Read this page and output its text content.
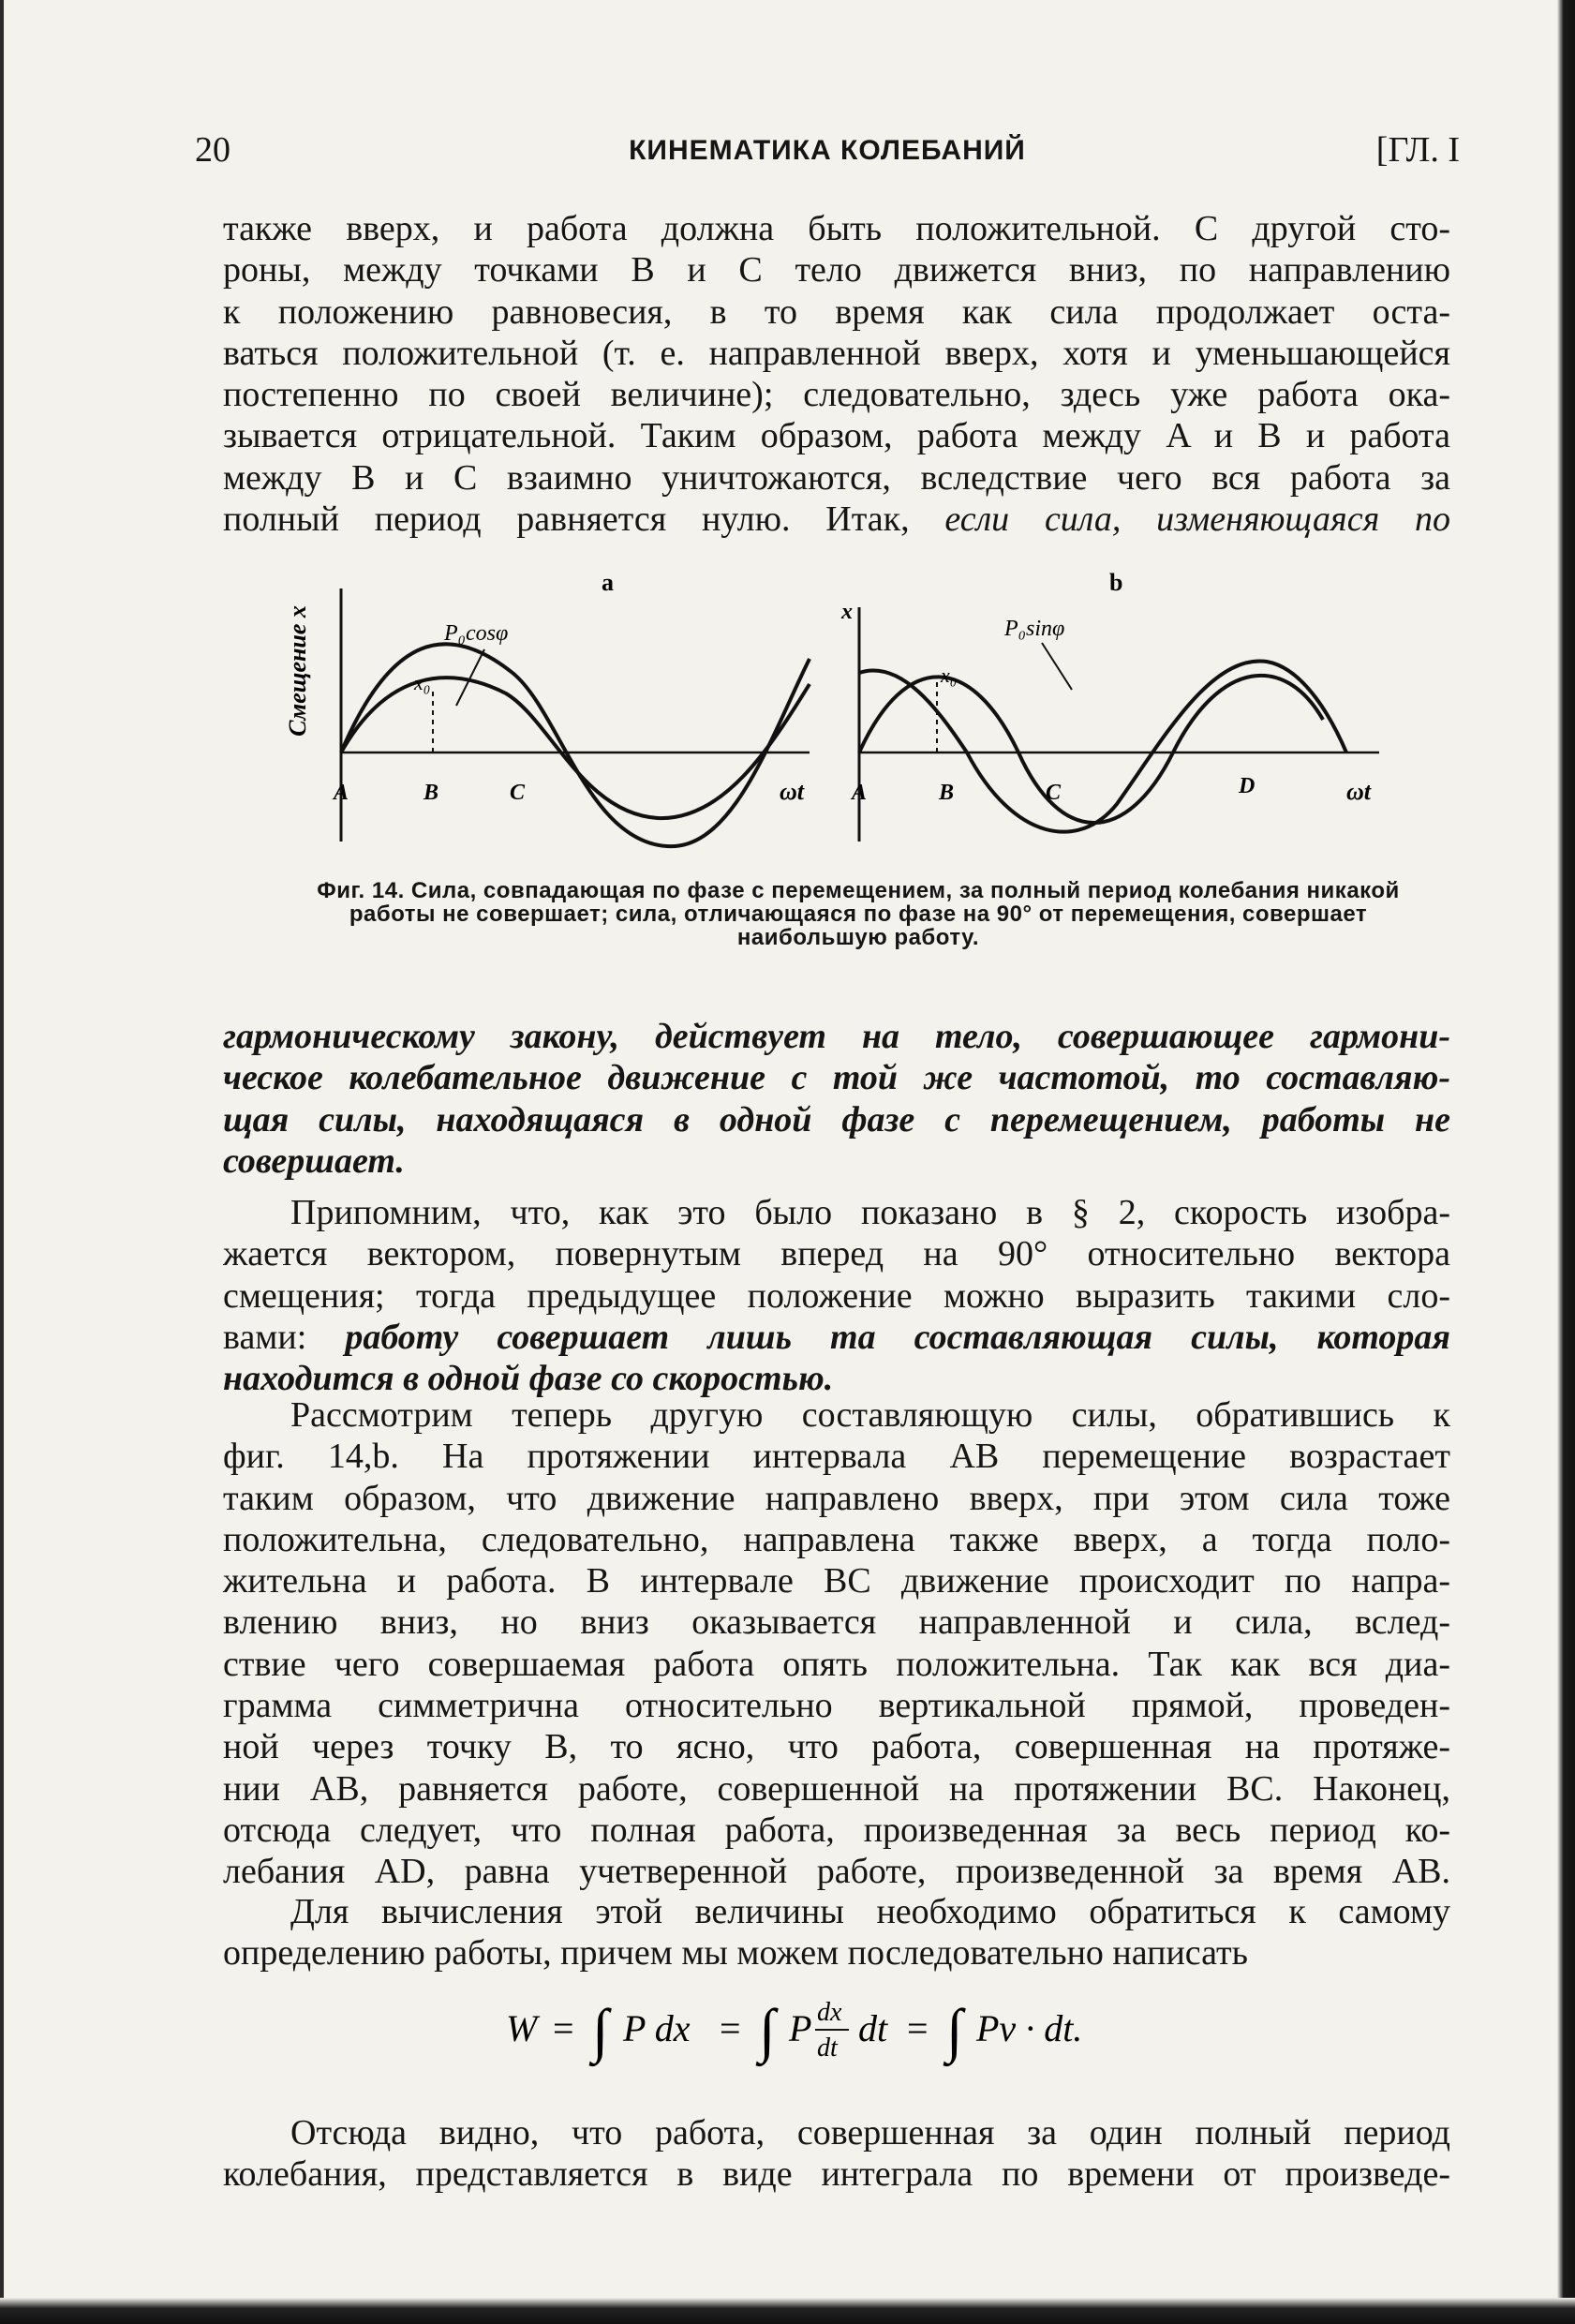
20	КИНЕМАТИКА КОЛЕБАНИЙ	[ГЛ. I
также вверх, и работа должна быть положительной. С другой сто-
роны, между точками B и C тело движется вниз, по направлению
к положению равновесия, в то время как сила продолжает оста-
ваться положительной (т. е. направленной вверх, хотя и уменьшающейся
постепенно по своей величине); следовательно, здесь уже работа ока-
зывается отрицательной. Таким образом, работа между A и B и работа
между B и C взаимно уничтожаются, вследствие чего вся работа за
полный период равняется нулю. Итак, если сила, изменяющаяся по
Смещение x
a
P₀cosφ
x₀
A	B	C	ωt
x
b
P₀sinφ
x₀
A	B	C	D	ωt
Фиг. 14. Сила, совпадающая по фазе с перемещением, за полный период колебания никакой работы не совершает; сила, отличающаяся по фазе на 90° от перемещения, совершает наибольшую работу.
гармоническому закону, действует на тело, совершающее гармони-
ческое колебательное движение с той же частотой, то составляю-
щая силы, находящаяся в одной фазе с перемещением, работы не
совершает.
Припомним, что, как это было показано в § 2, скорость изобра-
жается вектором, повернутым вперед на 90° относительно вектора
смещения; тогда предыдущее положение можно выразить такими сло-
вами: работу совершает лишь та составляющая силы, которая
находится в одной фазе со скоростью.
Рассмотрим теперь другую составляющую силы, обратившись к
фиг. 14,b. На протяжении интервала AB перемещение возрастает
таким образом, что движение направлено вверх, при этом сила тоже
положительна, следовательно, направлена также вверх, а тогда поло-
жительна и работа. В интервале BC движение происходит по напра-
влению вниз, но вниз оказывается направленной и сила, вслед-
ствие чего совершаемая работа опять положительна. Так как вся диа-
грамма симметрична относительно вертикальной прямой, проведен-
ной через точку B, то ясно, что работа, совершенная на протяже-
нии AB, равняется работе, совершенной на протяжении BC. Наконец,
отсюда следует, что полная работа, произведенная за весь период ко-
лебания AD, равна учетверенной работе, произведенной за время AB.
Для вычисления этой величины необходимо обратиться к самому
определению работы, причем мы можем последовательно написать
W = ∫ P dx = ∫ P dx
dt dt = ∫ Pv · dt.
Отсюда видно, что работа, совершенная за один полный период
колебания, представляется в виде интеграла по времени от произведе-
